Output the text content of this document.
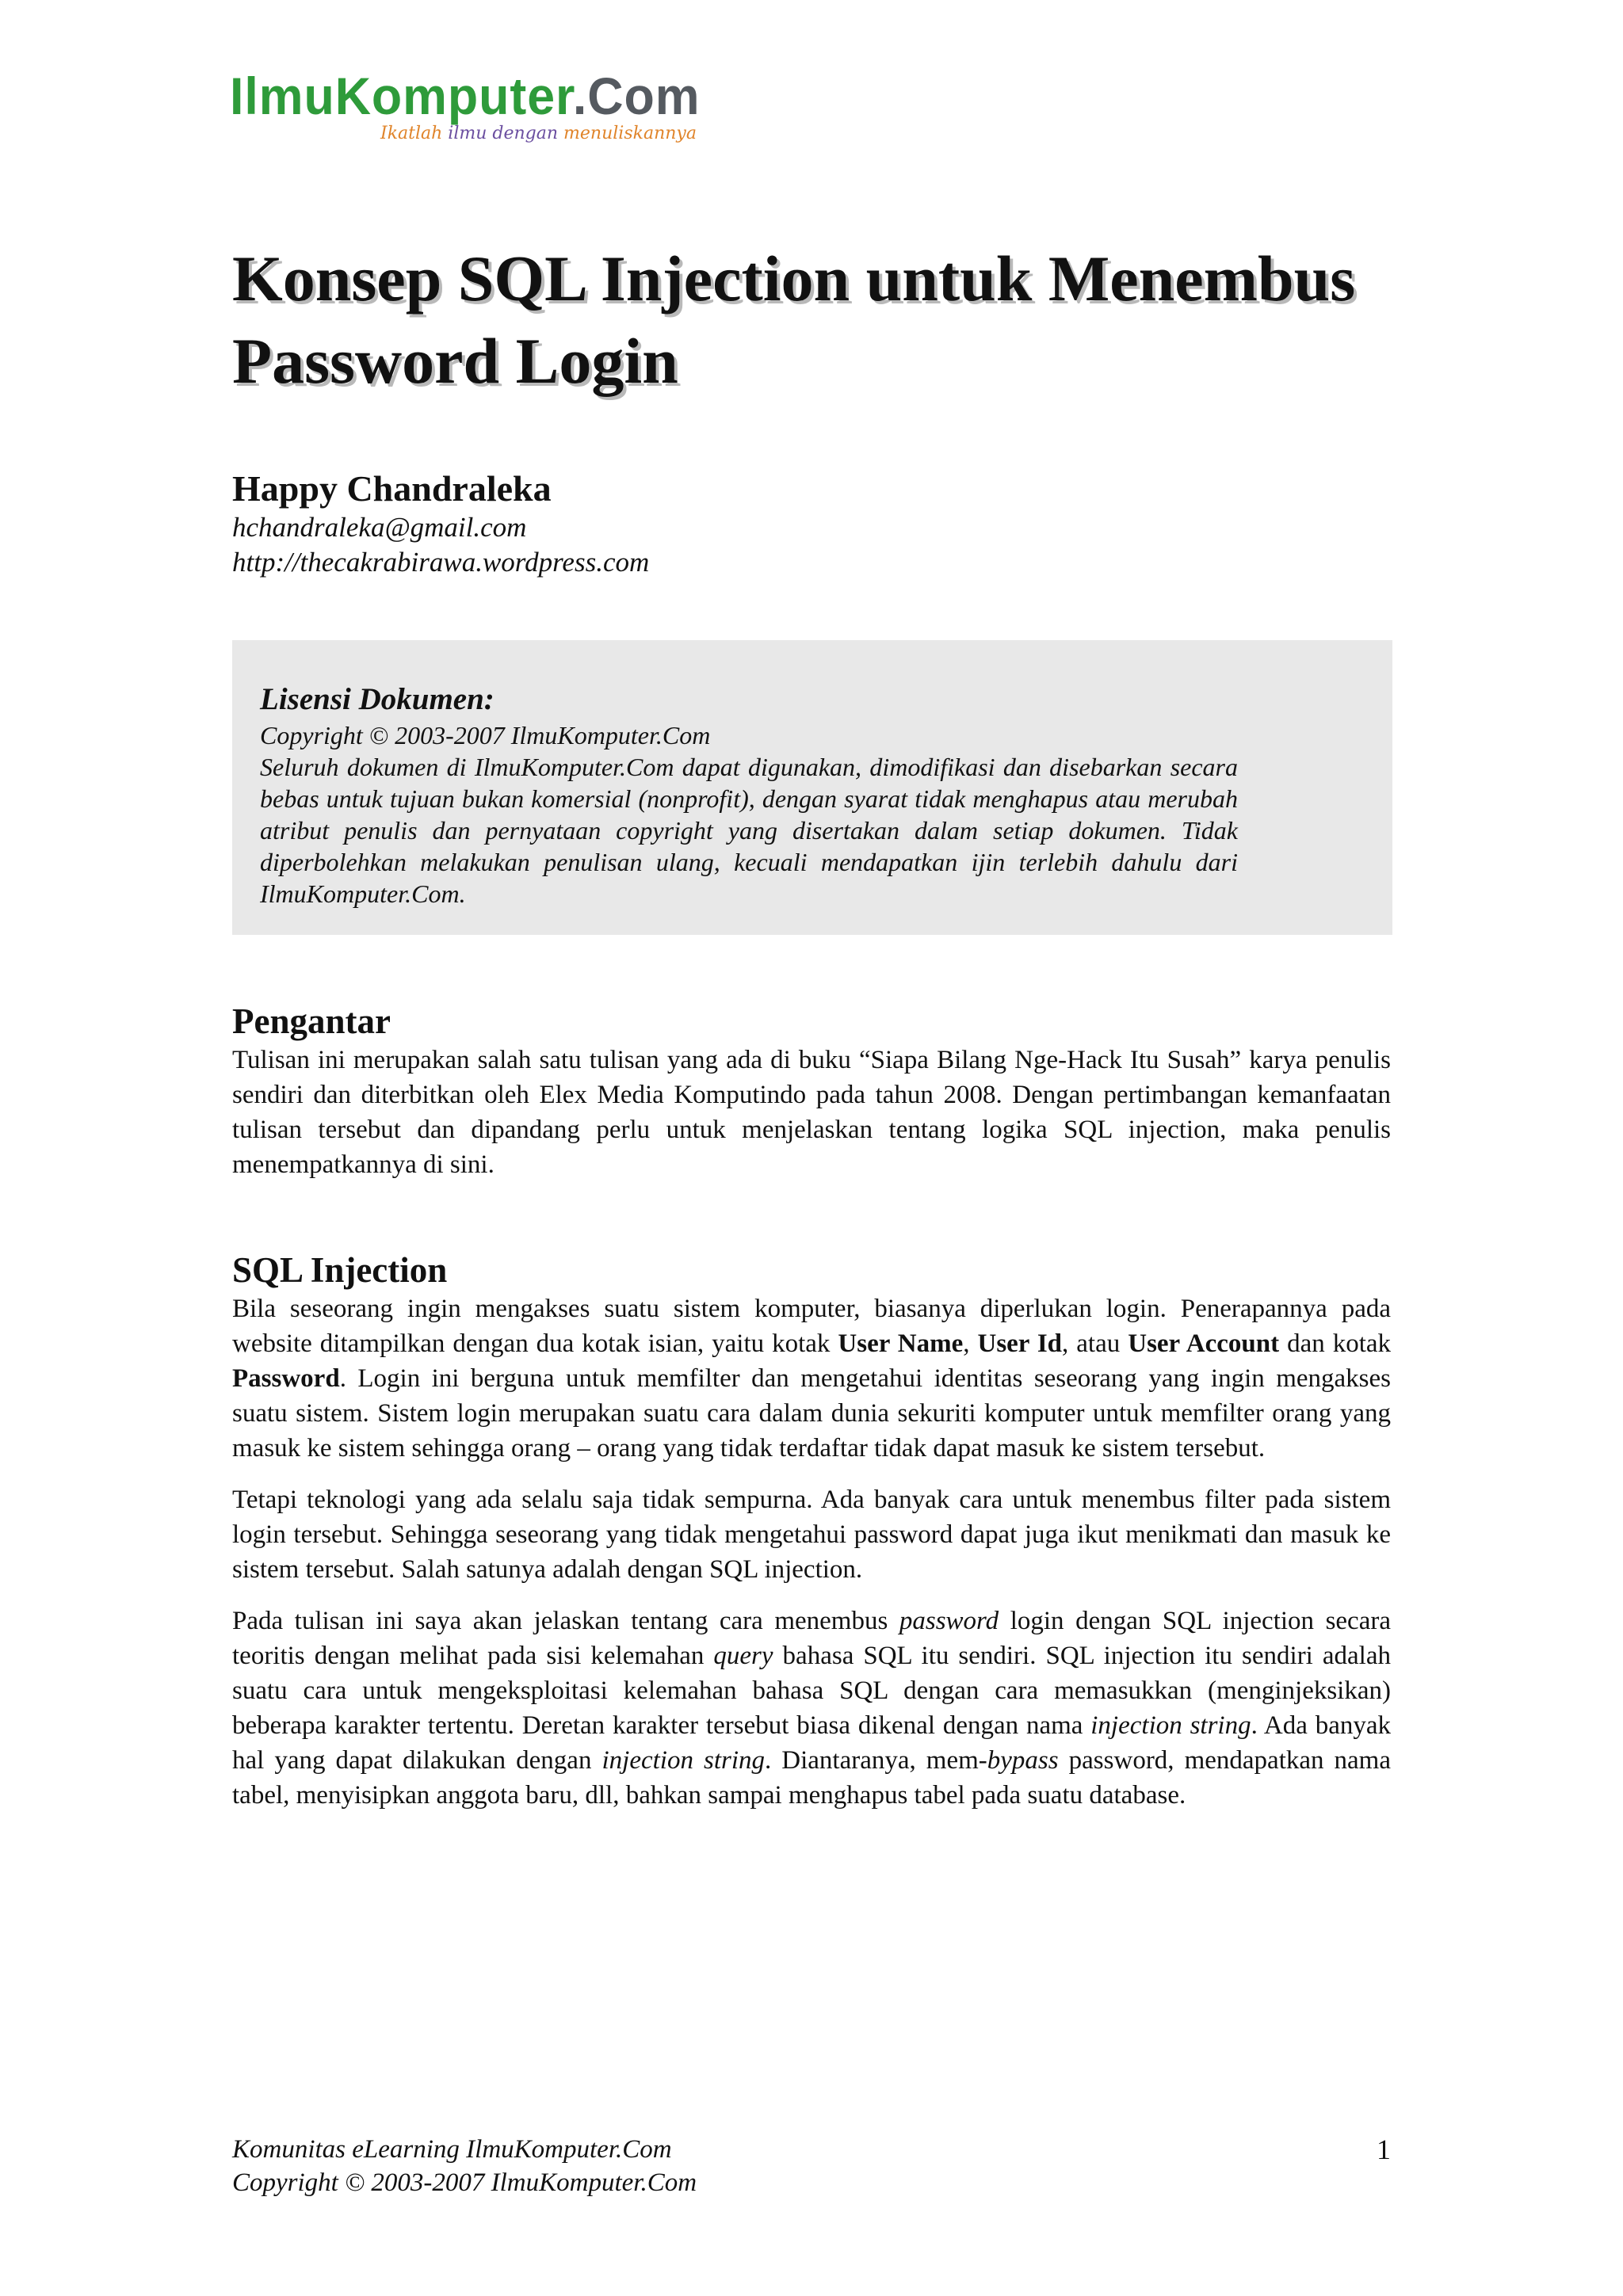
IlmuKomputer.Com
Ikatlah ilmu dengan menuliskannya
Konsep SQL Injection untuk Menembus Password Login
Happy Chandraleka
hchandraleka@gmail.com
http://thecakrabirawa.wordpress.com
Lisensi Dokumen:
Copyright © 2003-2007 IlmuKomputer.Com
Seluruh dokumen di IlmuKomputer.Com dapat digunakan, dimodifikasi dan disebarkan secara bebas untuk tujuan bukan komersial (nonprofit), dengan syarat tidak menghapus atau merubah atribut penulis dan pernyataan copyright yang disertakan dalam setiap dokumen. Tidak diperbolehkan melakukan penulisan ulang, kecuali mendapatkan ijin terlebih dahulu dari IlmuKomputer.Com.
Pengantar

Tulisan ini merupakan salah satu tulisan yang ada di buku “Siapa Bilang Nge-Hack Itu Susah” karya penulis sendiri dan diterbitkan oleh Elex Media Komputindo pada tahun 2008. Dengan pertimbangan kemanfaatan tulisan tersebut dan dipandang perlu untuk menjelaskan tentang logika SQL injection, maka penulis menempatkannya di sini.

SQL Injection

Bila seseorang ingin mengakses suatu sistem komputer, biasanya diperlukan login. Penerapannya pada website ditampilkan dengan dua kotak isian, yaitu kotak User Name, User Id, atau User Account dan kotak Password. Login ini berguna untuk memfilter dan mengetahui identitas seseorang yang ingin mengakses suatu sistem. Sistem login merupakan suatu cara dalam dunia sekuriti komputer untuk memfilter orang yang masuk ke sistem sehingga orang – orang yang tidak terdaftar tidak dapat masuk ke sistem tersebut.

Tetapi teknologi yang ada selalu saja tidak sempurna. Ada banyak cara untuk menembus filter pada sistem login tersebut. Sehingga seseorang yang tidak mengetahui password dapat juga ikut menikmati dan masuk ke sistem tersebut. Salah satunya adalah dengan SQL injection.

Pada tulisan ini saya akan jelaskan tentang cara menembus password login dengan SQL injection secara teoritis dengan melihat pada sisi kelemahan query bahasa SQL itu sendiri. SQL injection itu sendiri adalah suatu cara untuk mengeksploitasi kelemahan bahasa SQL dengan cara memasukkan (menginjeksikan) beberapa karakter tertentu. Deretan karakter tersebut biasa dikenal dengan nama injection string. Ada banyak hal yang dapat dilakukan dengan injection string. Diantaranya, mem-bypass password, mendapatkan nama tabel, menyisipkan anggota baru, dll, bahkan sampai menghapus tabel pada suatu database.

Komunitas eLearning IlmuKomputer.Com
Copyright © 2003-2007 IlmuKomputer.Com
1
